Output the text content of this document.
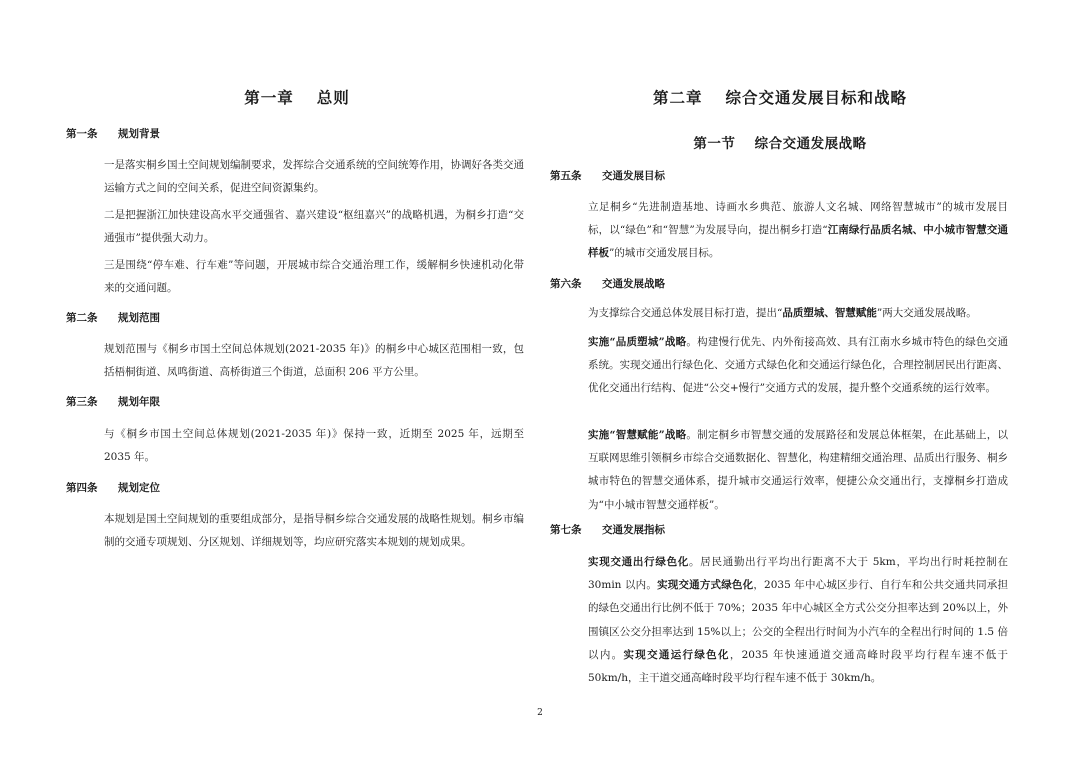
第一章　 总则
第一条 规划背景
一是落实桐乡国土空间规划编制要求，发挥综合交通系统的空间统筹作用，协调好各类交通运输方式之间的空间关系，促进空间资源集约。
二是把握浙江加快建设高水平交通强省、嘉兴建设“枢纽嘉兴”的战略机遇，为桐乡打造“交通强市”提供强大动力。
三是围绕“停车难、行车难”等问题，开展城市综合交通治理工作，缓解桐乡快速机动化带来的交通问题。
第二条 规划范围
规划范围与《桐乡市国土空间总体规划(2021-2035 年)》的桐乡中心城区范围相一致，包括梧桐街道、凤鸣街道、高桥街道三个街道，总面积 206 平方公里。
第三条 规划年限
与《桐乡市国土空间总体规划(2021-2035 年)》保持一致，近期至 2025 年，远期至 2035 年。
第四条 规划定位
本规划是国土空间规划的重要组成部分，是指导桐乡综合交通发展的战略性规划。桐乡市编制的交通专项规划、分区规划、详细规划等，均应研究落实本规划的规划成果。
第二章　 综合交通发展目标和战略
第一节　 综合交通发展战略
第五条 交通发展目标
立足桐乡“先进制造基地、诗画水乡典范、旅游人文名城、网络智慧城市”的城市发展目标，以“绿色”和“智慧”为发展导向，提出桐乡打造“江南绿行品质名城、中小城市智慧交通样板”的城市交通发展目标。
第六条 交通发展战略
为支撑综合交通总体发展目标打造，提出“品质塑城、智慧赋能”两大交通发展战略。
实施“品质塑城”战略。构建慢行优先、内外衔接高效、具有江南水乡城市特色的绿色交通系统。实现交通出行绿色化、交通方式绿色化和交通运行绿色化，合理控制居民出行距离、优化交通出行结构、促进“公交+慢行”交通方式的发展，提升整个交通系统的运行效率。
实施“智慧赋能”战略。制定桐乡市智慧交通的发展路径和发展总体框架，在此基础上，以互联网思维引领桐乡市综合交通数据化、智慧化，构建精细交通治理、品质出行服务、桐乡城市特色的智慧交通体系，提升城市交通运行效率，便捷公众交通出行，支撑桐乡打造成为“中小城市智慧交通样板”。
第七条 交通发展指标
实现交通出行绿色化。居民通勤出行平均出行距离不大于 5km，平均出行时耗控制在 30min 以内。实现交通方式绿色化，2035 年中心城区步行、自行车和公共交通共同承担的绿色交通出行比例不低于 70%；2035 年中心城区全方式公交分担率达到 20%以上，外围镇区公交分担率达到 15%以上；公交的全程出行时间为小汽车的全程出行时间的 1.5 倍以内。实现交通运行绿色化，2035 年快速通道交通高峰时段平均行程车速不低于 50km/h，主干道交通高峰时段平均行程车速不低于 30km/h。
2
